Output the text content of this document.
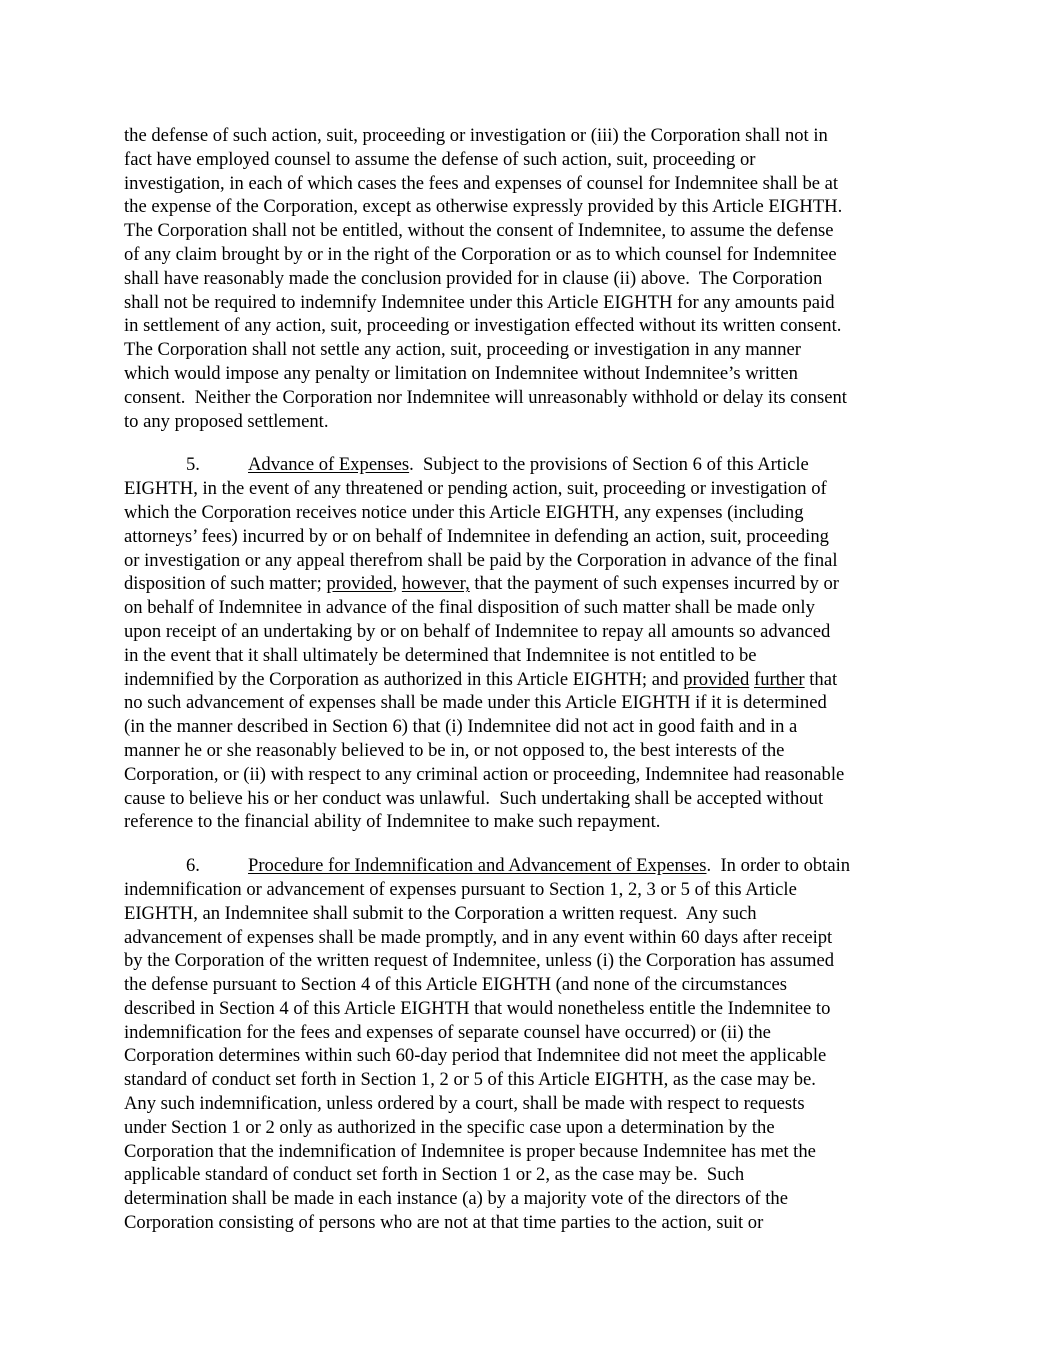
the defense of such action, suit, proceeding or investigation or (iii) the Corporation shall not in
fact have employed counsel to assume the defense of such action, suit, proceeding or
investigation, in each of which cases the fees and expenses of counsel for Indemnitee shall be at
the expense of the Corporation, except as otherwise expressly provided by this Article EIGHTH.
The Corporation shall not be entitled, without the consent of Indemnitee, to assume the defense
of any claim brought by or in the right of the Corporation or as to which counsel for Indemnitee
shall have reasonably made the conclusion provided for in clause (ii) above.  The Corporation
shall not be required to indemnify Indemnitee under this Article EIGHTH for any amounts paid
in settlement of any action, suit, proceeding or investigation effected without its written consent.
The Corporation shall not settle any action, suit, proceeding or investigation in any manner
which would impose any penalty or limitation on Indemnitee without Indemnitee’s written
consent.  Neither the Corporation nor Indemnitee will unreasonably withhold or delay its consent
to any proposed settlement.
5.	Advance of Expenses.  Subject to the provisions of Section 6 of this Article
EIGHTH, in the event of any threatened or pending action, suit, proceeding or investigation of
which the Corporation receives notice under this Article EIGHTH, any expenses (including
attorneys’ fees) incurred by or on behalf of Indemnitee in defending an action, suit, proceeding
or investigation or any appeal therefrom shall be paid by the Corporation in advance of the final
disposition of such matter; provided, however, that the payment of such expenses incurred by or
on behalf of Indemnitee in advance of the final disposition of such matter shall be made only
upon receipt of an undertaking by or on behalf of Indemnitee to repay all amounts so advanced
in the event that it shall ultimately be determined that Indemnitee is not entitled to be
indemnified by the Corporation as authorized in this Article EIGHTH; and provided further that
no such advancement of expenses shall be made under this Article EIGHTH if it is determined
(in the manner described in Section 6) that (i) Indemnitee did not act in good faith and in a
manner he or she reasonably believed to be in, or not opposed to, the best interests of the
Corporation, or (ii) with respect to any criminal action or proceeding, Indemnitee had reasonable
cause to believe his or her conduct was unlawful.  Such undertaking shall be accepted without
reference to the financial ability of Indemnitee to make such repayment.
6.	Procedure for Indemnification and Advancement of Expenses.  In order to obtain
indemnification or advancement of expenses pursuant to Section 1, 2, 3 or 5 of this Article
EIGHTH, an Indemnitee shall submit to the Corporation a written request.  Any such
advancement of expenses shall be made promptly, and in any event within 60 days after receipt
by the Corporation of the written request of Indemnitee, unless (i) the Corporation has assumed
the defense pursuant to Section 4 of this Article EIGHTH (and none of the circumstances
described in Section 4 of this Article EIGHTH that would nonetheless entitle the Indemnitee to
indemnification for the fees and expenses of separate counsel have occurred) or (ii) the
Corporation determines within such 60-day period that Indemnitee did not meet the applicable
standard of conduct set forth in Section 1, 2 or 5 of this Article EIGHTH, as the case may be.
Any such indemnification, unless ordered by a court, shall be made with respect to requests
under Section 1 or 2 only as authorized in the specific case upon a determination by the
Corporation that the indemnification of Indemnitee is proper because Indemnitee has met the
applicable standard of conduct set forth in Section 1 or 2, as the case may be.  Such
determination shall be made in each instance (a) by a majority vote of the directors of the
Corporation consisting of persons who are not at that time parties to the action, suit or
